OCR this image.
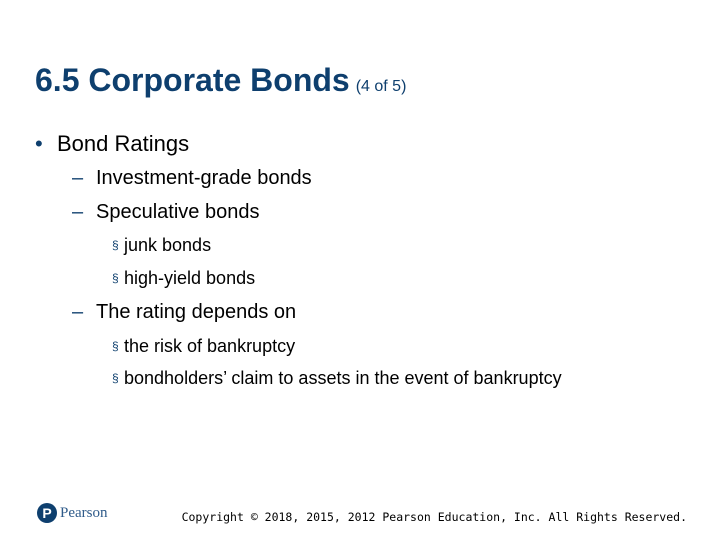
6.5 Corporate Bonds (4 of 5)
• Bond Ratings
– Investment-grade bonds
– Speculative bonds
§ junk bonds
§ high-yield bonds
– The rating depends on
§ the risk of bankruptcy
§ bondholders’ claim to assets in the event of bankruptcy
P Pearson	Copyright © 2018, 2015, 2012 Pearson Education, Inc. All Rights Reserved.
